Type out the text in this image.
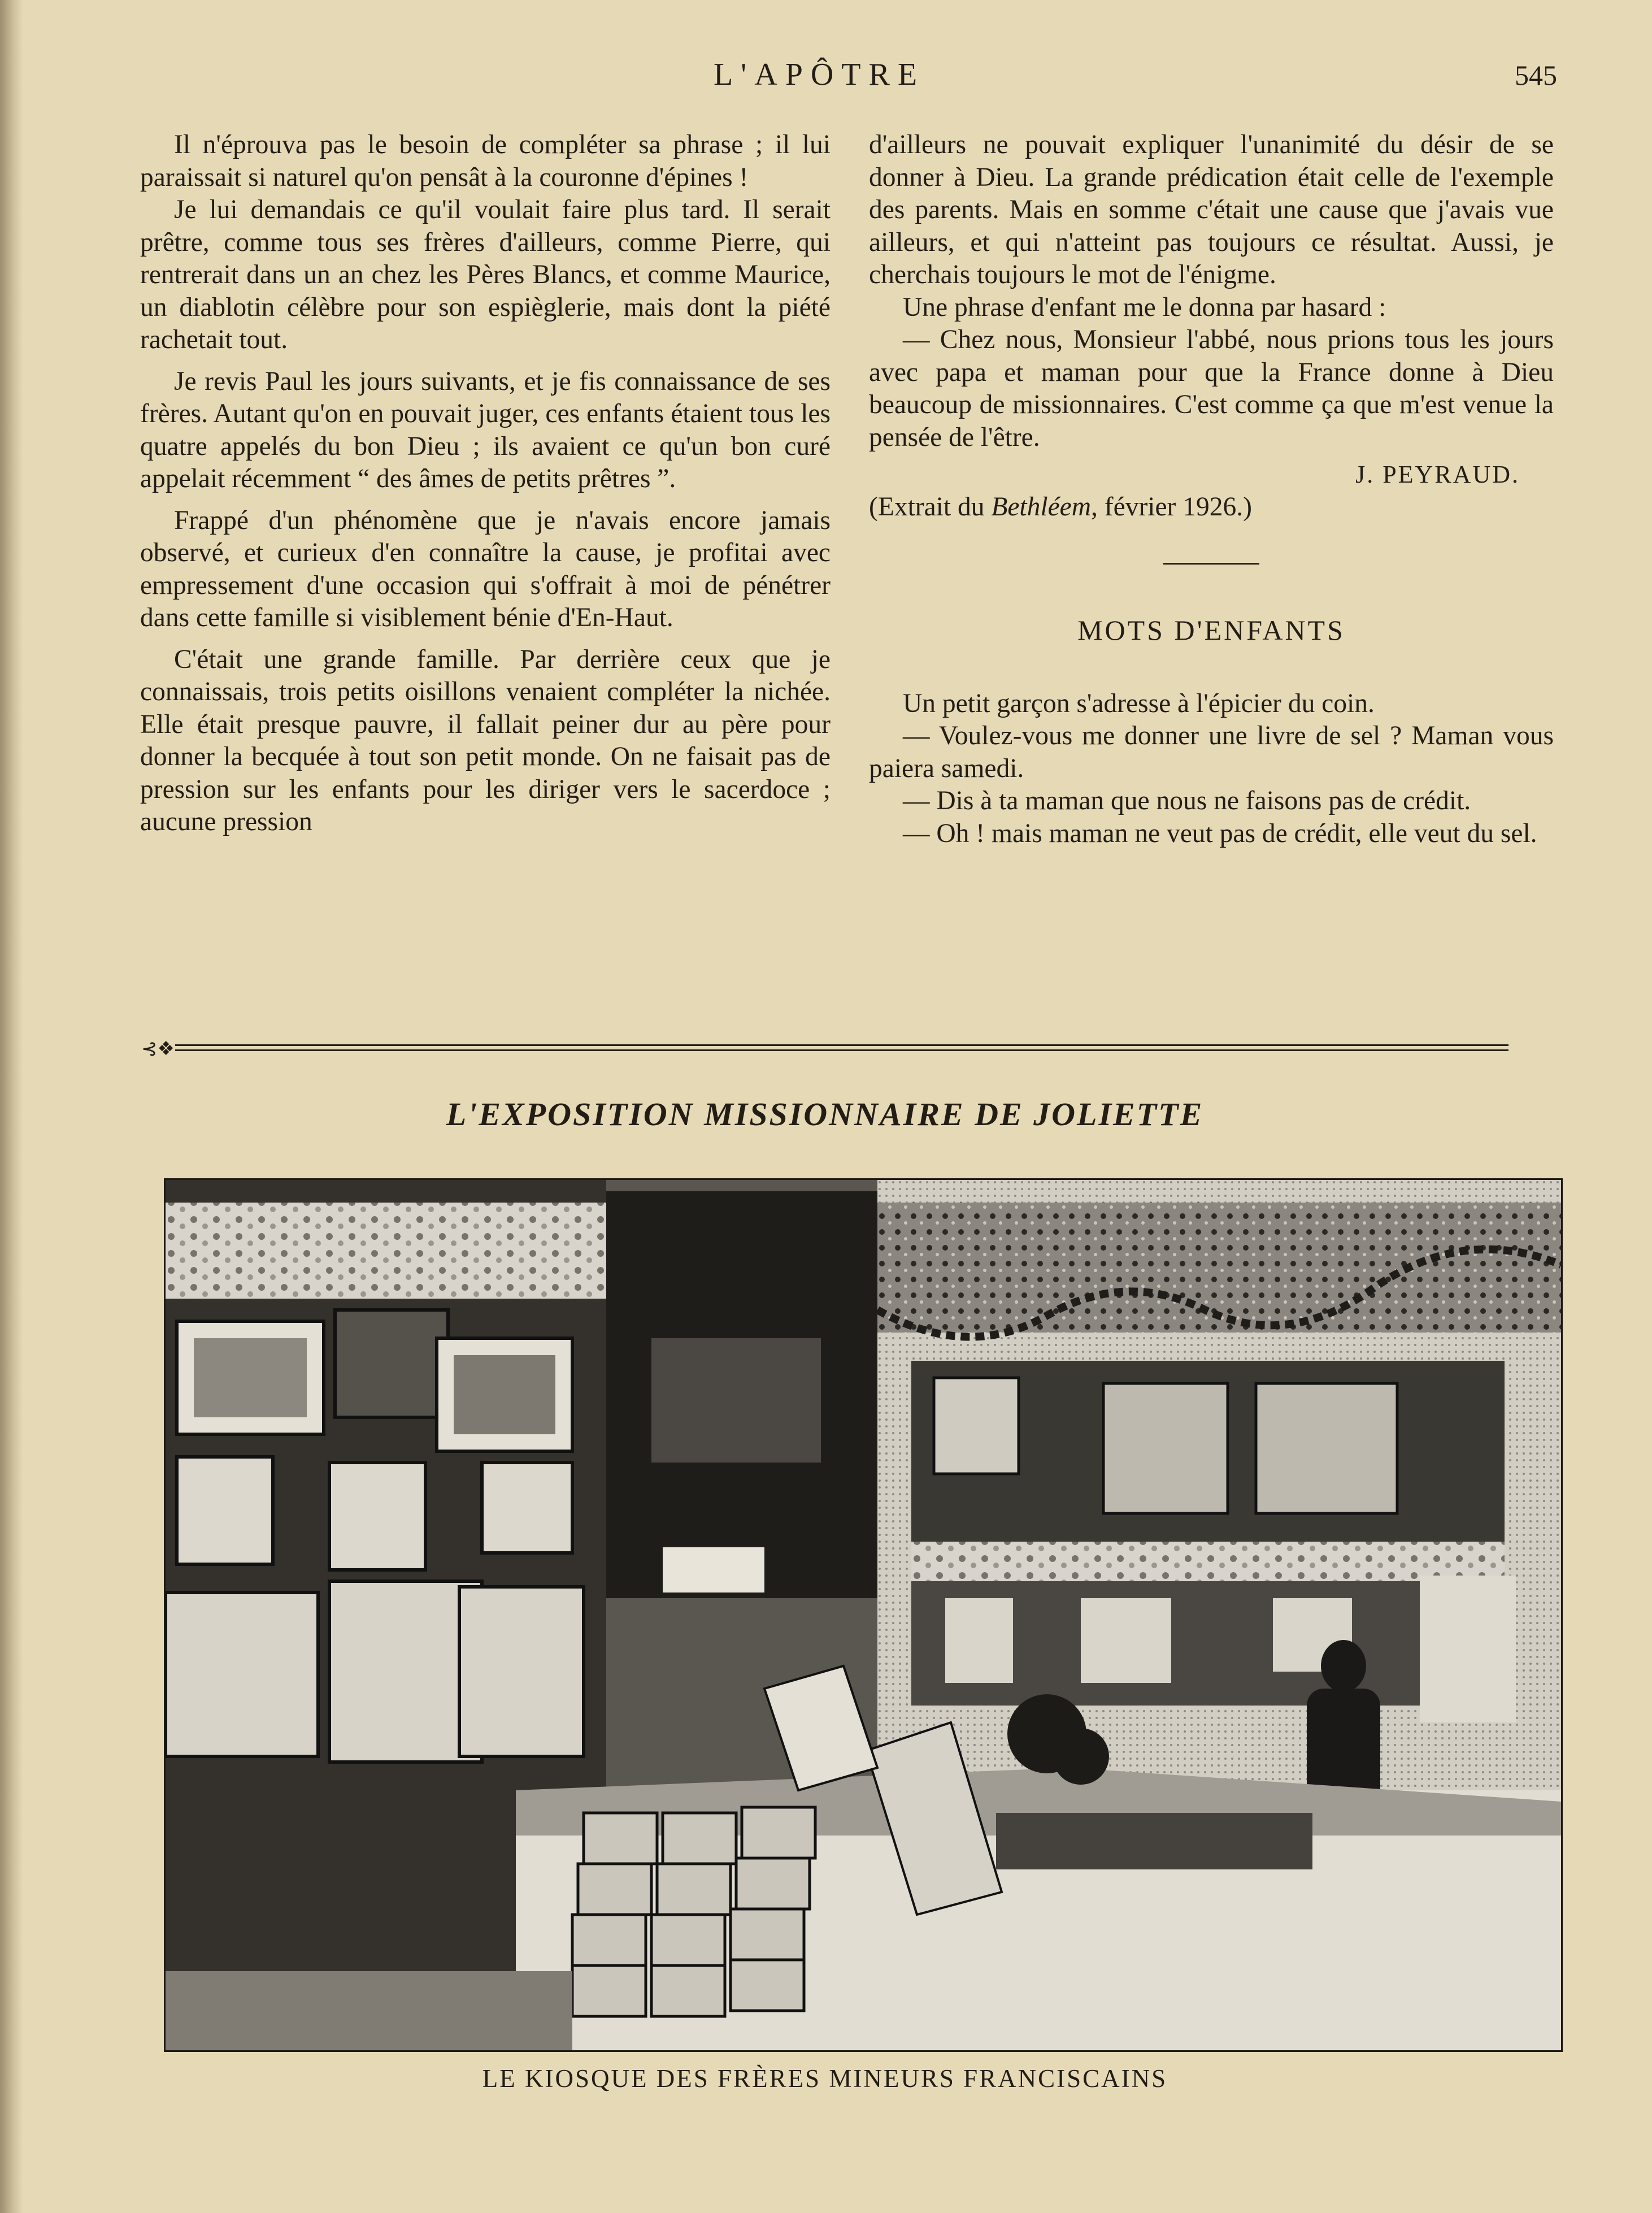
L'APÔTRE	545

Il n'éprouva pas le besoin de compléter sa phrase ; il lui paraissait si naturel qu'on pensât à la couronne d'épines !

Je lui demandais ce qu'il voulait faire plus tard. Il serait prêtre, comme tous ses frères d'ailleurs, comme Pierre, qui rentrerait dans un an chez les Pères Blancs, et comme Maurice, un diablotin célèbre pour son espièglerie, mais dont la piété rachetait tout.

Je revis Paul les jours suivants, et je fis connaissance de ses frères. Autant qu'on en pouvait juger, ces enfants étaient tous les quatre appelés du bon Dieu ; ils avaient ce qu'un bon curé appelait récemment “ des âmes de petits prêtres ”.

Frappé d'un phénomène que je n'avais encore jamais observé, et curieux d'en connaître la cause, je profitai avec empressement d'une occasion qui s'offrait à moi de pénétrer dans cette famille si visiblement bénie d'En-Haut.

C'était une grande famille. Par derrière ceux que je connaissais, trois petits oisillons venaient compléter la nichée. Elle était presque pauvre, il fallait peiner dur au père pour donner la becquée à tout son petit monde. On ne faisait pas de pression sur les enfants pour les diriger vers le sacerdoce ; aucune pression

d'ailleurs ne pouvait expliquer l'unanimité du désir de se donner à Dieu. La grande prédication était celle de l'exemple des parents. Mais en somme c'était une cause que j'avais vue ailleurs, et qui n'atteint pas toujours ce résultat. Aussi, je cherchais toujours le mot de l'énigme.

Une phrase d'enfant me le donna par hasard :

— Chez nous, Monsieur l'abbé, nous prions tous les jours avec papa et maman pour que la France donne à Dieu beaucoup de missionnaires. C'est comme ça que m'est venue la pensée de l'être.

J. PEYRAUD.

(Extrait du Bethléem, février 1926.)

MOTS D'ENFANTS

Un petit garçon s'adresse à l'épicier du coin.

— Voulez-vous me donner une livre de sel ? Maman vous paiera samedi.

— Dis à ta maman que nous ne faisons pas de crédit.

— Oh ! mais maman ne veut pas de crédit, elle veut du sel.

⊰❖
L'EXPOSITION MISSIONNAIRE DE JOLIETTE
LE KIOSQUE DES FRÈRES MINEURS FRANCISCAINS
